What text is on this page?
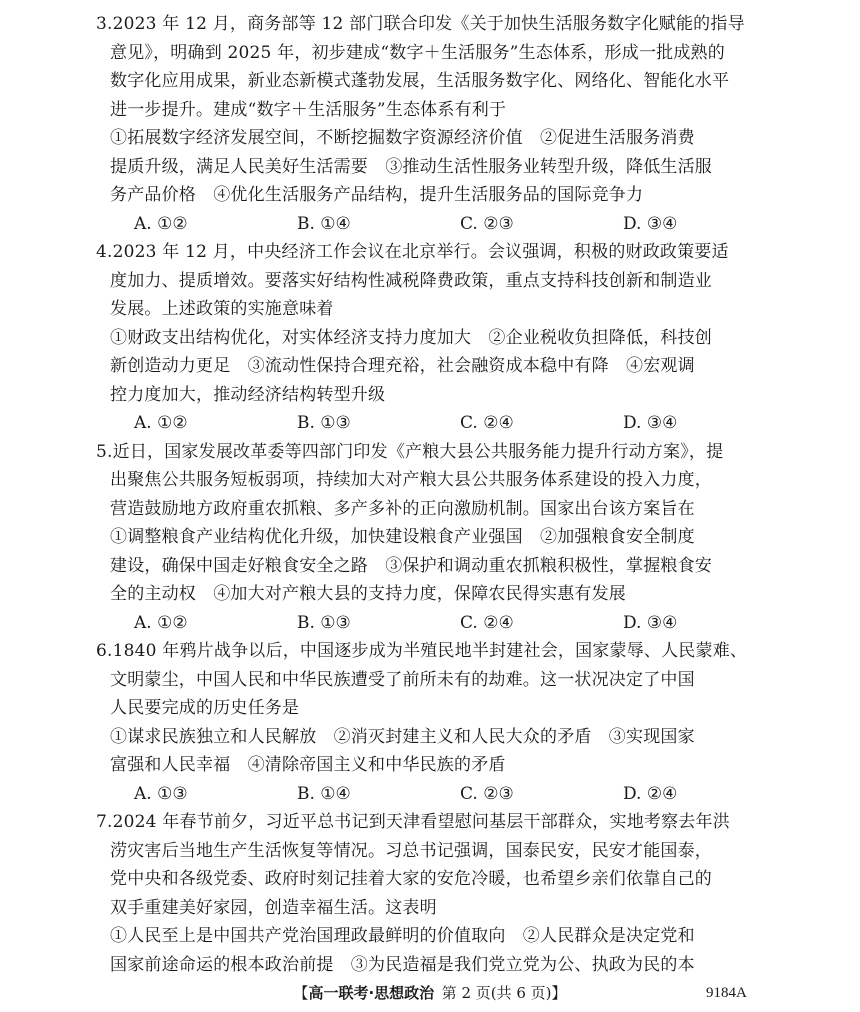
3.2023 年 12 月，商务部等 12 部门联合印发《关于加快生活服务数字化赋能的指导
意见》，明确到 2025 年，初步建成“数字＋生活服务”生态体系，形成一批成熟的
数字化应用成果，新业态新模式蓬勃发展，生活服务数字化、网络化、智能化水平
进一步提升。建成“数字＋生活服务”生态体系有利于
①拓展数字经济发展空间，不断挖掘数字资源经济价值　②促进生活服务消费
提质升级，满足人民美好生活需要　③推动生活性服务业转型升级，降低生活服
务产品价格　④优化生活服务产品结构，提升生活服务品的国际竞争力
A. ①②	B. ①④	C. ②③	D. ③④
4.2023 年 12 月，中央经济工作会议在北京举行。会议强调，积极的财政政策要适
度加力、提质增效。要落实好结构性减税降费政策，重点支持科技创新和制造业
发展。上述政策的实施意味着
①财政支出结构优化，对实体经济支持力度加大　②企业税收负担降低，科技创
新创造动力更足　③流动性保持合理充裕，社会融资成本稳中有降　④宏观调
控力度加大，推动经济结构转型升级
A. ①②	B. ①③	C. ②④	D. ③④
5.近日，国家发展改革委等四部门印发《产粮大县公共服务能力提升行动方案》，提
出聚焦公共服务短板弱项，持续加大对产粮大县公共服务体系建设的投入力度，
营造鼓励地方政府重农抓粮、多产多补的正向激励机制。国家出台该方案旨在
①调整粮食产业结构优化升级，加快建设粮食产业强国　②加强粮食安全制度
建设，确保中国走好粮食安全之路　③保护和调动重农抓粮积极性，掌握粮食安
全的主动权　④加大对产粮大县的支持力度，保障农民得实惠有发展
A. ①②	B. ①③	C. ②④	D. ③④
6.1840 年鸦片战争以后，中国逐步成为半殖民地半封建社会，国家蒙辱、人民蒙难、
文明蒙尘，中国人民和中华民族遭受了前所未有的劫难。这一状况决定了中国
人民要完成的历史任务是
①谋求民族独立和人民解放　②消灭封建主义和人民大众的矛盾　③实现国家
富强和人民幸福　④清除帝国主义和中华民族的矛盾
A. ①③	B. ①④	C. ②③	D. ②④
7.2024 年春节前夕，习近平总书记到天津看望慰问基层干部群众，实地考察去年洪
涝灾害后当地生产生活恢复等情况。习总书记强调，国泰民安，民安才能国泰，
党中央和各级党委、政府时刻记挂着大家的安危冷暖，也希望乡亲们依靠自己的
双手重建美好家园，创造幸福生活。这表明
①人民至上是中国共产党治国理政最鲜明的价值取向　②人民群众是决定党和
国家前途命运的根本政治前提　③为民造福是我们党立党为公、执政为民的本
【高一联考·思想政治  第 2 页(共 6 页)】	9184A
